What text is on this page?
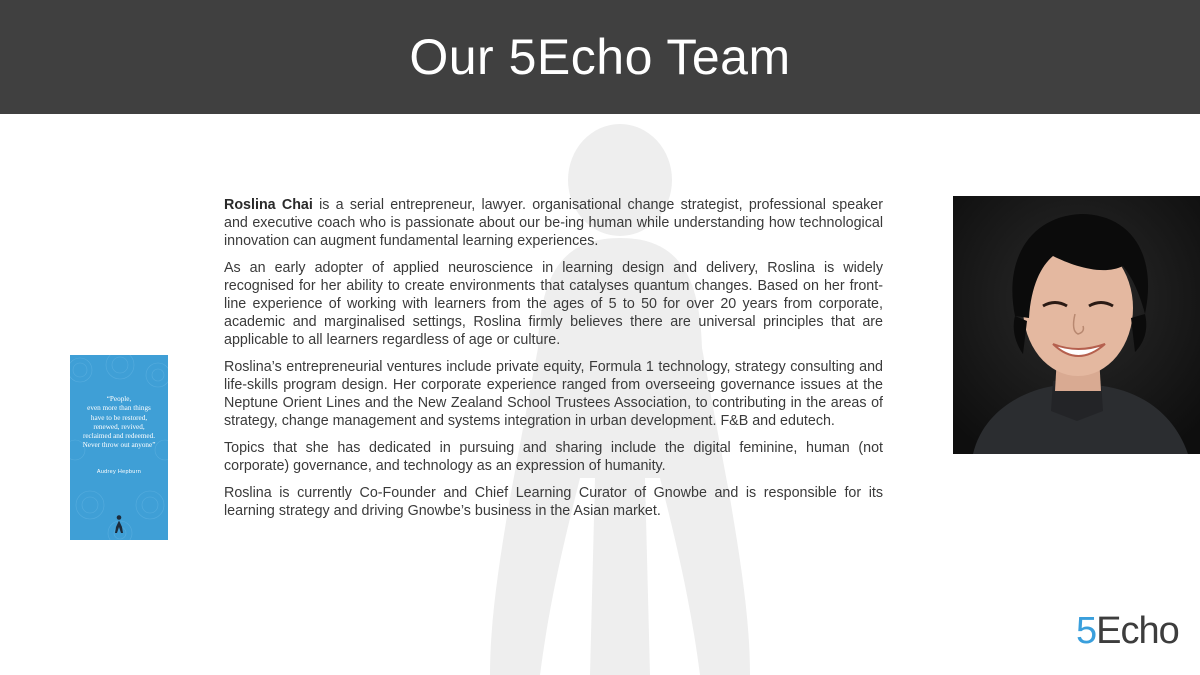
Our 5Echo Team

Roslina Chai is a serial entrepreneur, lawyer. organisational change strategist, professional speaker and executive coach who is passionate about our be-ing human while understanding how technological innovation can augment fundamental learning experiences.

As an early adopter of applied neuroscience in learning design and delivery, Roslina is widely recognised for her ability to create environments that catalyses quantum changes. Based on her front-line experience of working with learners from the ages of 5 to 50 for over 20 years from corporate, academic and marginalised settings, Roslina firmly believes there are universal principles that are applicable to all learners regardless of age or culture.

Roslina’s entrepreneurial ventures include private equity, Formula 1 technology, strategy consulting and life-skills program design. Her corporate experience ranged from overseeing governance issues at the Neptune Orient Lines and the New Zealand School Trustees Association, to contributing in the areas of strategy, change management and systems integration in urban development. F&B and edutech.

Topics that she has dedicated in pursuing and sharing include the digital feminine, human (not corporate) governance, and technology as an expression of humanity.

Roslina is currently Co-Founder and Chief Learning Curator of Gnowbe and is responsible for its learning strategy and driving Gnowbe’s business in the Asian market.

“People,
even more than things
have to be restored,
renewed, revived,
reclaimed and redeemed.
Never throw out anyone”
Audrey Hepburn
5Echo
